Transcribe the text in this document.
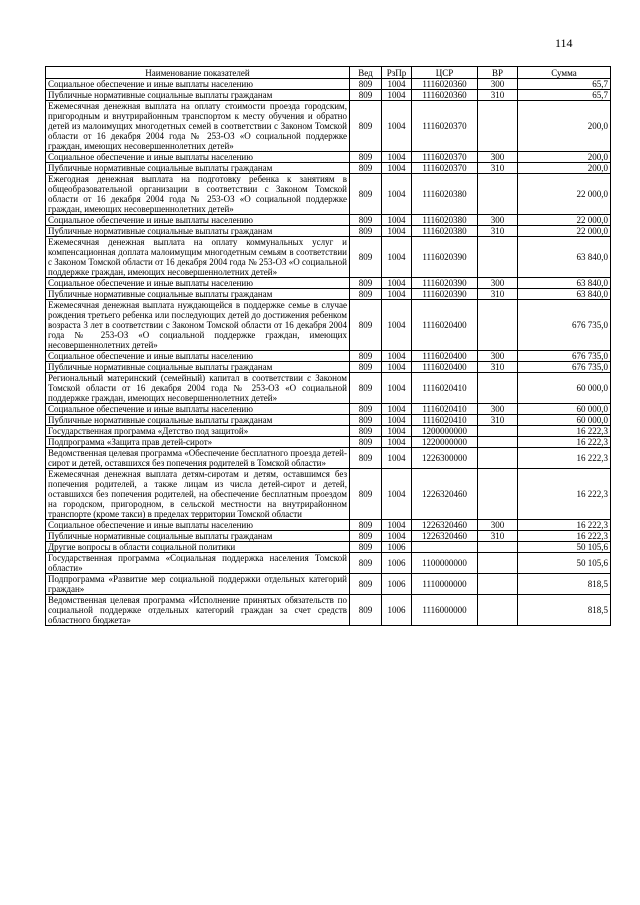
114
Наименование показателей	Вед	РзПр	ЦСР	ВР	Сумма
Социальное обеспечение и иные выплаты населению	809	1004	1116020360	300	65,7
Публичные нормативные социальные выплаты гражданам	809	1004	1116020360	310	65,7
Ежемесячная денежная выплата на оплату стоимости проезда городским, пригородным и внутрирайонным транспортом к месту обучения и обратно детей из малоимущих многодетных семей в соответствии с Законом Томской области от 16 декабря 2004 года № 253-ОЗ «О социальной поддержке граждан, имеющих несовершеннолетних детей»	809	1004	1116020370		200,0
Социальное обеспечение и иные выплаты населению	809	1004	1116020370	300	200,0
Публичные нормативные социальные выплаты гражданам	809	1004	1116020370	310	200,0
Ежегодная денежная выплата на подготовку ребенка к занятиям в общеобразовательной организации в соответствии с Законом Томской области от 16 декабря 2004 года № 253-ОЗ «О социальной поддержке граждан, имеющих несовершеннолетних детей»	809	1004	1116020380		22 000,0
Социальное обеспечение и иные выплаты населению	809	1004	1116020380	300	22 000,0
Публичные нормативные социальные выплаты гражданам	809	1004	1116020380	310	22 000,0
Ежемесячная денежная выплата на оплату коммунальных услуг и компенсационная доплата малоимущим многодетным семьям в соответствии с Законом Томской области от 16 декабря 2004 года № 253-ОЗ «О социальной поддержке граждан, имеющих несовершеннолетних детей»	809	1004	1116020390		63 840,0
Социальное обеспечение и иные выплаты населению	809	1004	1116020390	300	63 840,0
Публичные нормативные социальные выплаты гражданам	809	1004	1116020390	310	63 840,0
Ежемесячная денежная выплата нуждающейся в поддержке семье в случае рождения третьего ребенка или последующих детей до достижения ребенком возраста 3 лет в соответствии с Законом Томской области от 16 декабря 2004 года № 253-ОЗ «О социальной поддержке граждан, имеющих несовершеннолетних детей»	809	1004	1116020400		676 735,0
Социальное обеспечение и иные выплаты населению	809	1004	1116020400	300	676 735,0
Публичные нормативные социальные выплаты гражданам	809	1004	1116020400	310	676 735,0
Региональный материнский (семейный) капитал в соответствии с Законом Томской области от 16 декабря 2004 года № 253-ОЗ «О социальной поддержке граждан, имеющих несовершеннолетних детей»	809	1004	1116020410		60 000,0
Социальное обеспечение и иные выплаты населению	809	1004	1116020410	300	60 000,0
Публичные нормативные социальные выплаты гражданам	809	1004	1116020410	310	60 000,0
Государственная программа «Детство под защитой»	809	1004	1200000000		16 222,3
Подпрограмма «Защита прав детей-сирот»	809	1004	1220000000		16 222,3
Ведомственная целевая программа «Обеспечение бесплатного проезда детей-сирот и детей, оставшихся без попечения родителей в Томской области»	809	1004	1226300000		16 222,3
Ежемесячная денежная выплата детям-сиротам и детям, оставшимся без попечения родителей, а также лицам из числа детей-сирот и детей, оставшихся без попечения родителей, на обеспечение бесплатным проездом на городском, пригородном, в сельской местности на внутрирайонном транспорте (кроме такси) в пределах территории Томской области	809	1004	1226320460		16 222,3
Социальное обеспечение и иные выплаты населению	809	1004	1226320460	300	16 222,3
Публичные нормативные социальные выплаты гражданам	809	1004	1226320460	310	16 222,3
Другие вопросы в области социальной политики	809	1006			50 105,6
Государственная программа «Социальная поддержка населения Томской области»	809	1006	1100000000		50 105,6
Подпрограмма «Развитие мер социальной поддержки отдельных категорий граждан»	809	1006	1110000000		818,5
Ведомственная целевая программа «Исполнение принятых обязательств по социальной поддержке отдельных категорий граждан за счет средств областного бюджета»	809	1006	1116000000		818,5
